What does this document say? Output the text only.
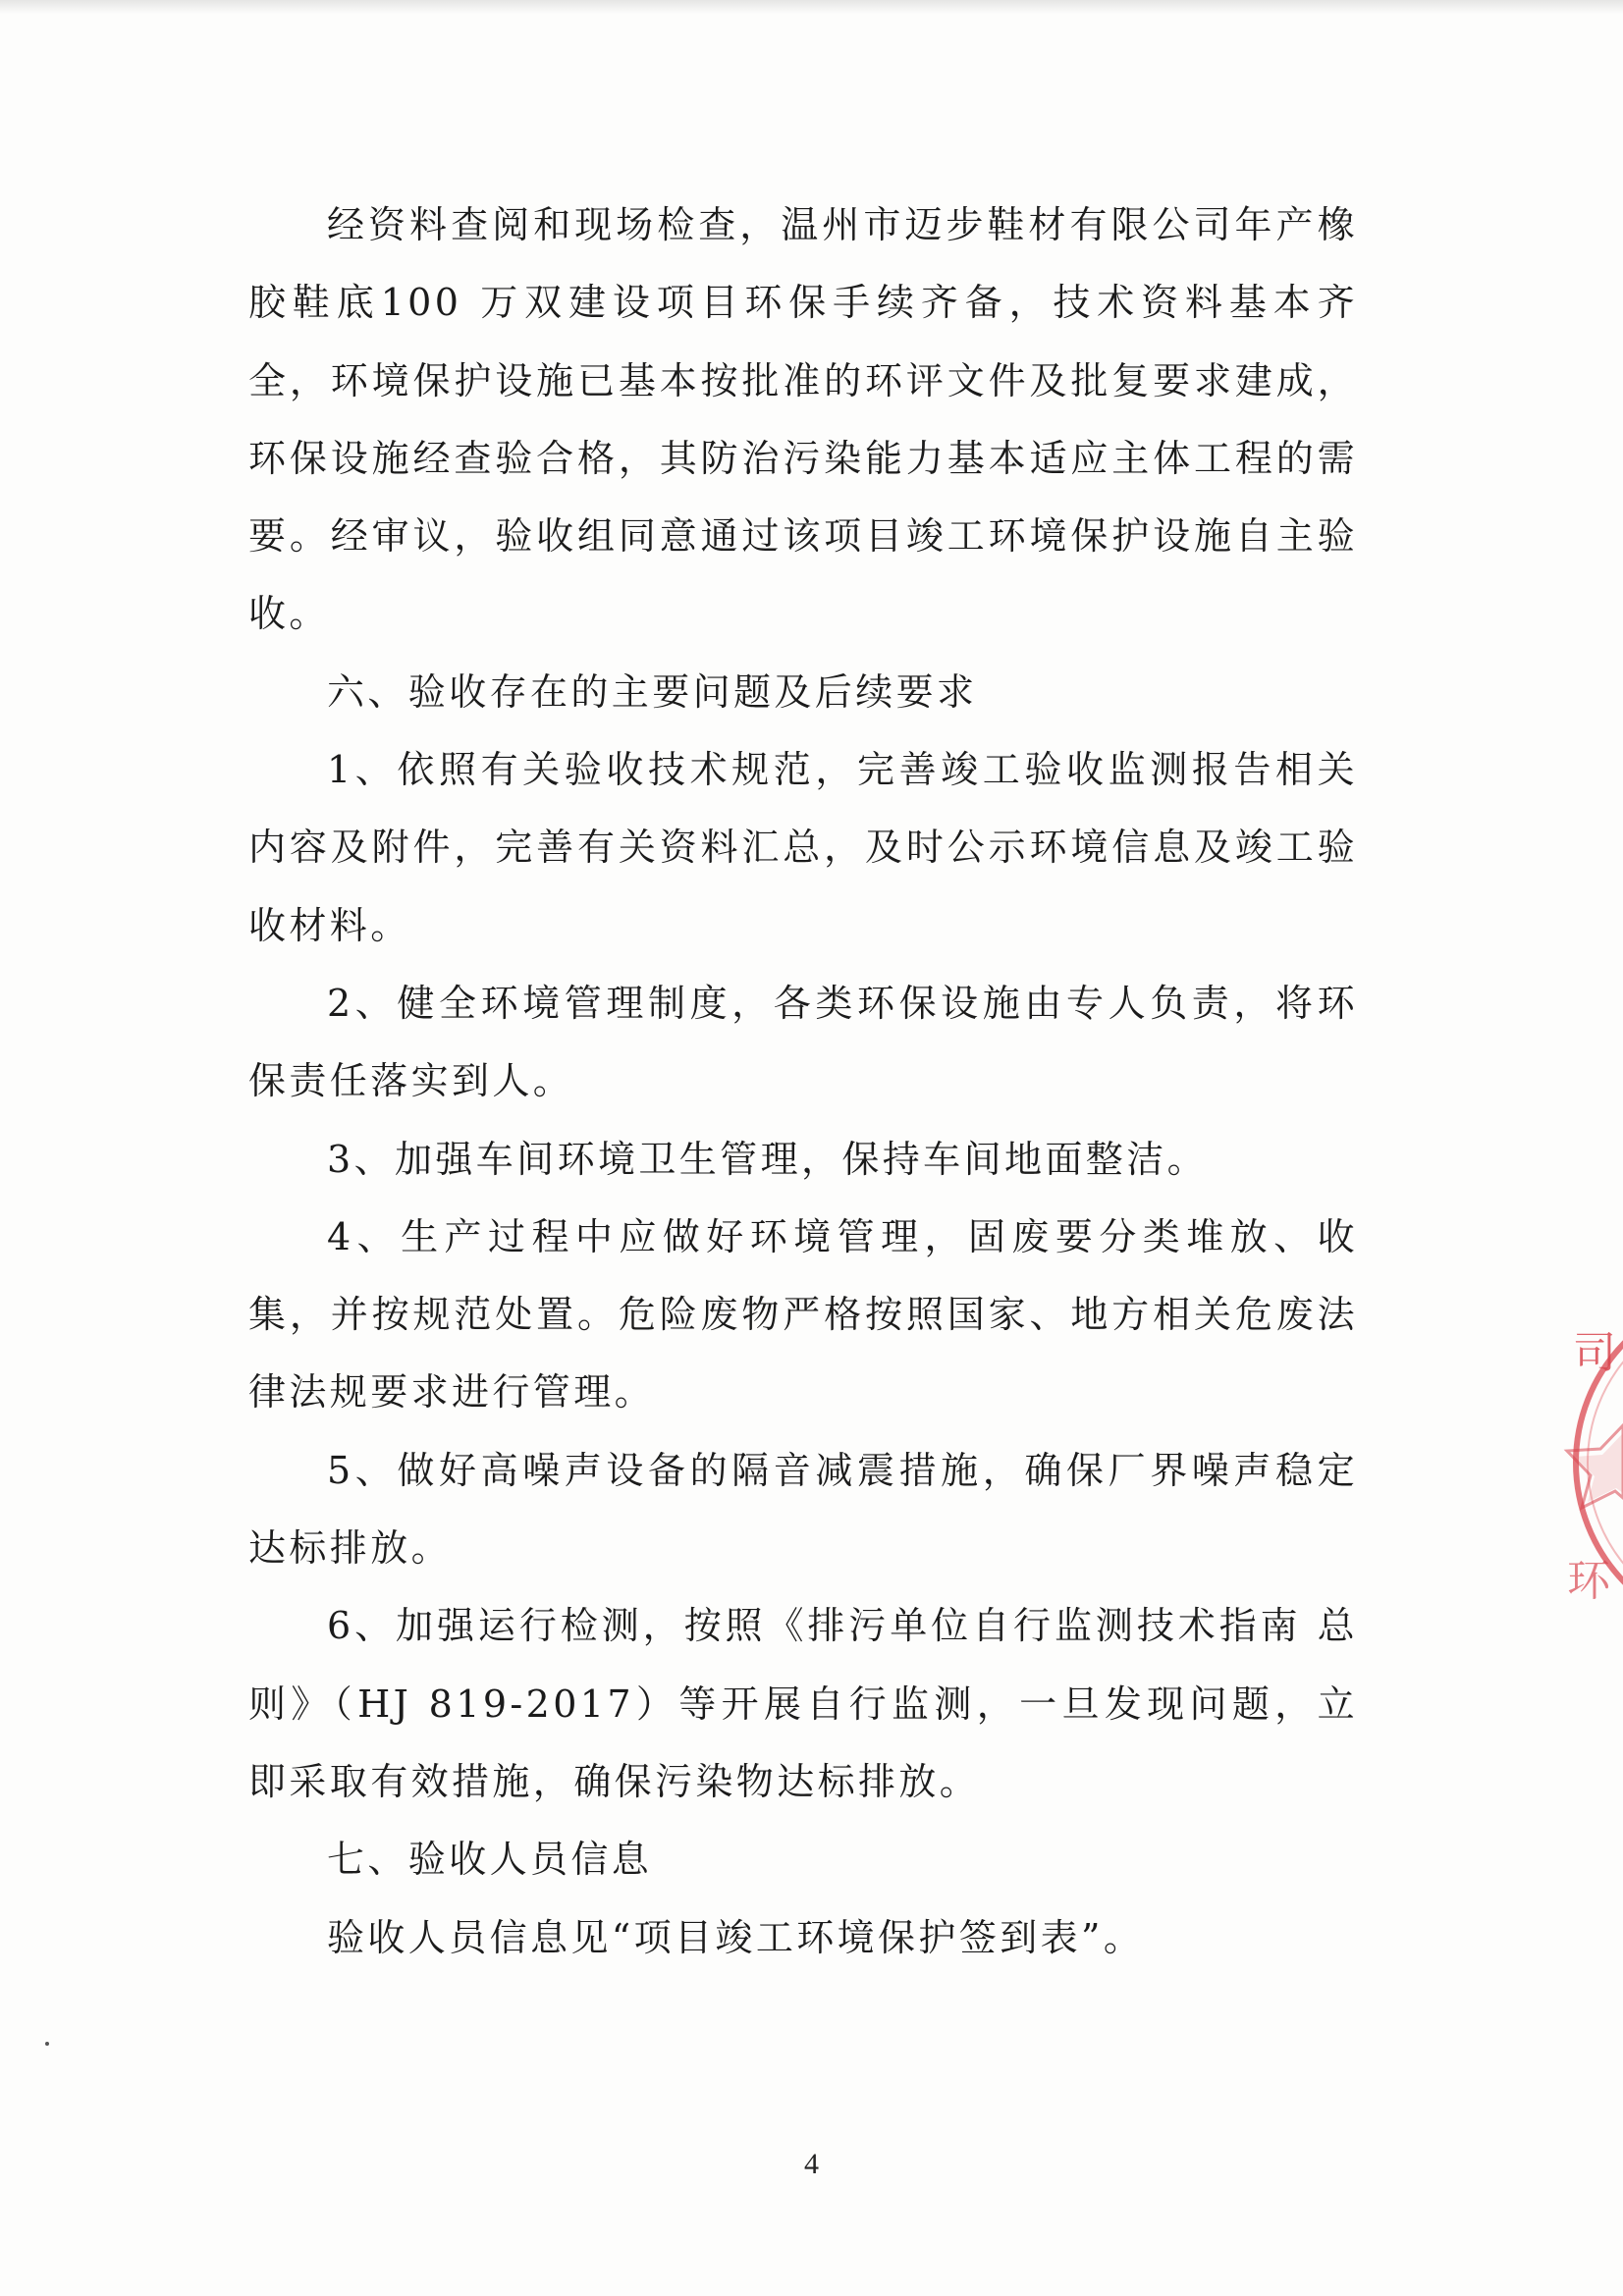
经资料查阅和现场检查，温州市迈步鞋材有限公司年产橡胶鞋底100 万双建设项目环保手续齐备，技术资料基本齐全，环境保护设施已基本按批准的环评文件及批复要求建成，环保设施经查验合格，其防治污染能力基本适应主体工程的需要。经审议，验收组同意通过该项目竣工环境保护设施自主验收。

六、验收存在的主要问题及后续要求

1、依照有关验收技术规范，完善竣工验收监测报告相关内容及附件，完善有关资料汇总，及时公示环境信息及竣工验收材料。

2、健全环境管理制度，各类环保设施由专人负责，将环保责任落实到人。

3、加强车间环境卫生管理，保持车间地面整洁。

4、生产过程中应做好环境管理，固废要分类堆放、收集，并按规范处置。危险废物严格按照国家、地方相关危废法律法规要求进行管理。

5、做好高噪声设备的隔音减震措施，确保厂界噪声稳定达标排放。

6、加强运行检测，按照《排污单位自行监测技术指南 总则》（HJ 819-2017）等开展自行监测，一旦发现问题，立即采取有效措施，确保污染物达标排放。

七、验收人员信息

验收人员信息见“项目竣工环境保护签到表”。

4
司
环
